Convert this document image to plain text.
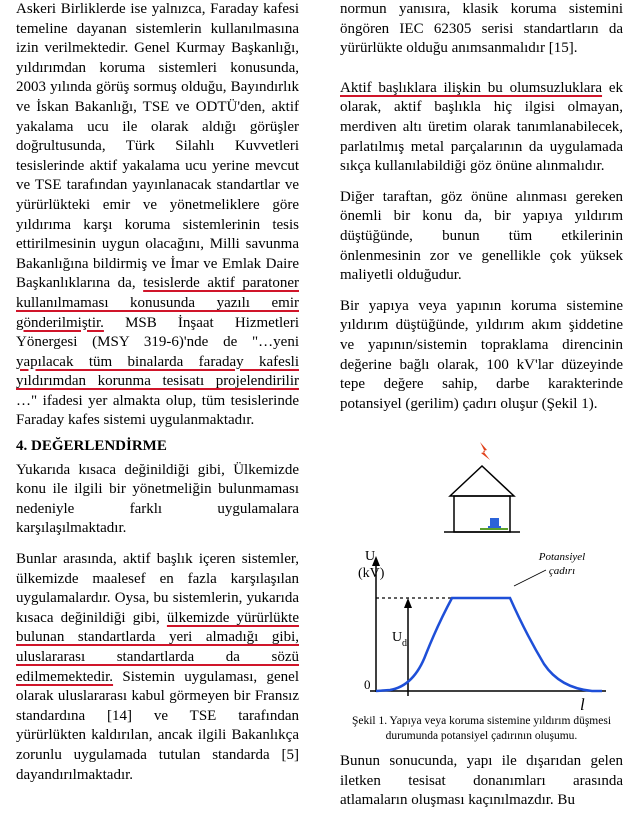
Askeri Birliklerde ise yalnızca, Faraday kafesi temeline dayanan sistemlerin kullanılmasına izin verilmektedir. Genel Kurmay Başkanlığı, yıldırımdan koruma sistemleri konusunda, 2003 yılında görüş sormuş olduğu, Bayındırlık ve İskan Bakanlığı, TSE ve ODTÜ'den, aktif yakalama ucu ile olarak aldığı görüşler doğrultusunda, Türk Silahlı Kuvvetleri tesislerinde aktif yakalama ucu yerine mevcut ve TSE tarafından yayınlanacak standartlar ve yürürlükteki emir ve yönetmeliklere göre yıldırıma karşı koruma sistemlerinin tesis ettirilmesinin uygun olacağını, Milli savunma Bakanlığına bildirmiş ve İmar ve Emlak Daire Başkanlıklarına da, tesislerde aktif paratoner kullanılmaması konusunda yazılı emir gönderilmiştir. MSB İnşaat Hizmetleri Yönergesi (MSY 319-6)'nde de "…yeni yapılacak tüm binalarda faraday kafesli yıldırımdan korunma tesisatı projelendirilir …" ifadesi yer almakta olup, tüm tesislerinde Faraday kafes sistemi uygulanmaktadır.

4. DEĞERLENDİRME

Yukarıda kısaca değinildiği gibi, Ülkemizde konu ile ilgili bir yönetmeliğin bulunmaması nedeniyle farklı uygulamalara karşılaşılmaktadır.

Bunlar arasında, aktif başlık içeren sistemler, ülkemizde maalesef en fazla karşılaşılan uygulamalardır. Oysa, bu sistemlerin, yukarıda kısaca değinildiği gibi, ülkemizde yürürlükte bulunan standartlarda yeri almadığı gibi, uluslararası standartlarda da sözü edilmemektedir. Sistemin uygulaması, genel olarak uluslararası kabul görmeyen bir Fransız standardına [14] ve TSE tarafından yürürlükten kaldırılan, ancak ilgili Bakanlıkça zorunlu uygulamada tutulan standarda [5] dayandırılmaktadır.

normun yanısıra, klasik koruma sistemini öngören IEC 62305 serisi standartların da yürürlükte olduğu anımsanmalıdır [15].

Aktif başlıklara ilişkin bu olumsuzluklara ek olarak, aktif başlıkla hiç ilgisi olmayan, merdiven altı üretim olarak tanımlanabilecek, parlatılmış metal parçalarının da uygulamada sıkça kullanılabildiği göz önüne alınmalıdır.

Diğer taraftan, göz önüne alınması gereken önemli bir konu da, bir yapıya yıldırım düştüğünde, bunun tüm etkilerinin önlenmesinin zor ve genellikle çok yüksek maliyetli olduğudur.

Bir yapıya veya yapının koruma sistemine yıldırım düştüğünde, yıldırım akım şiddetine ve yapının/sistemin topraklama direncinin değerine bağlı olarak, 100 kV'lar düzeyinde tepe değere sahip, darbe karakterinde potansiyel (gerilim) çadırı oluşur (Şekil 1).

U
(kV)
U d
0
l
Potansiyel
çadırı

Şekil 1. Yapıya veya koruma sistemine yıldırım düşmesi durumunda potansiyel çadırının oluşumu.

Bunun sonucunda, yapı ile dışarıdan gelen iletken tesisat donanımları arasında atlamaların oluşması kaçınılmazdır. Bu
